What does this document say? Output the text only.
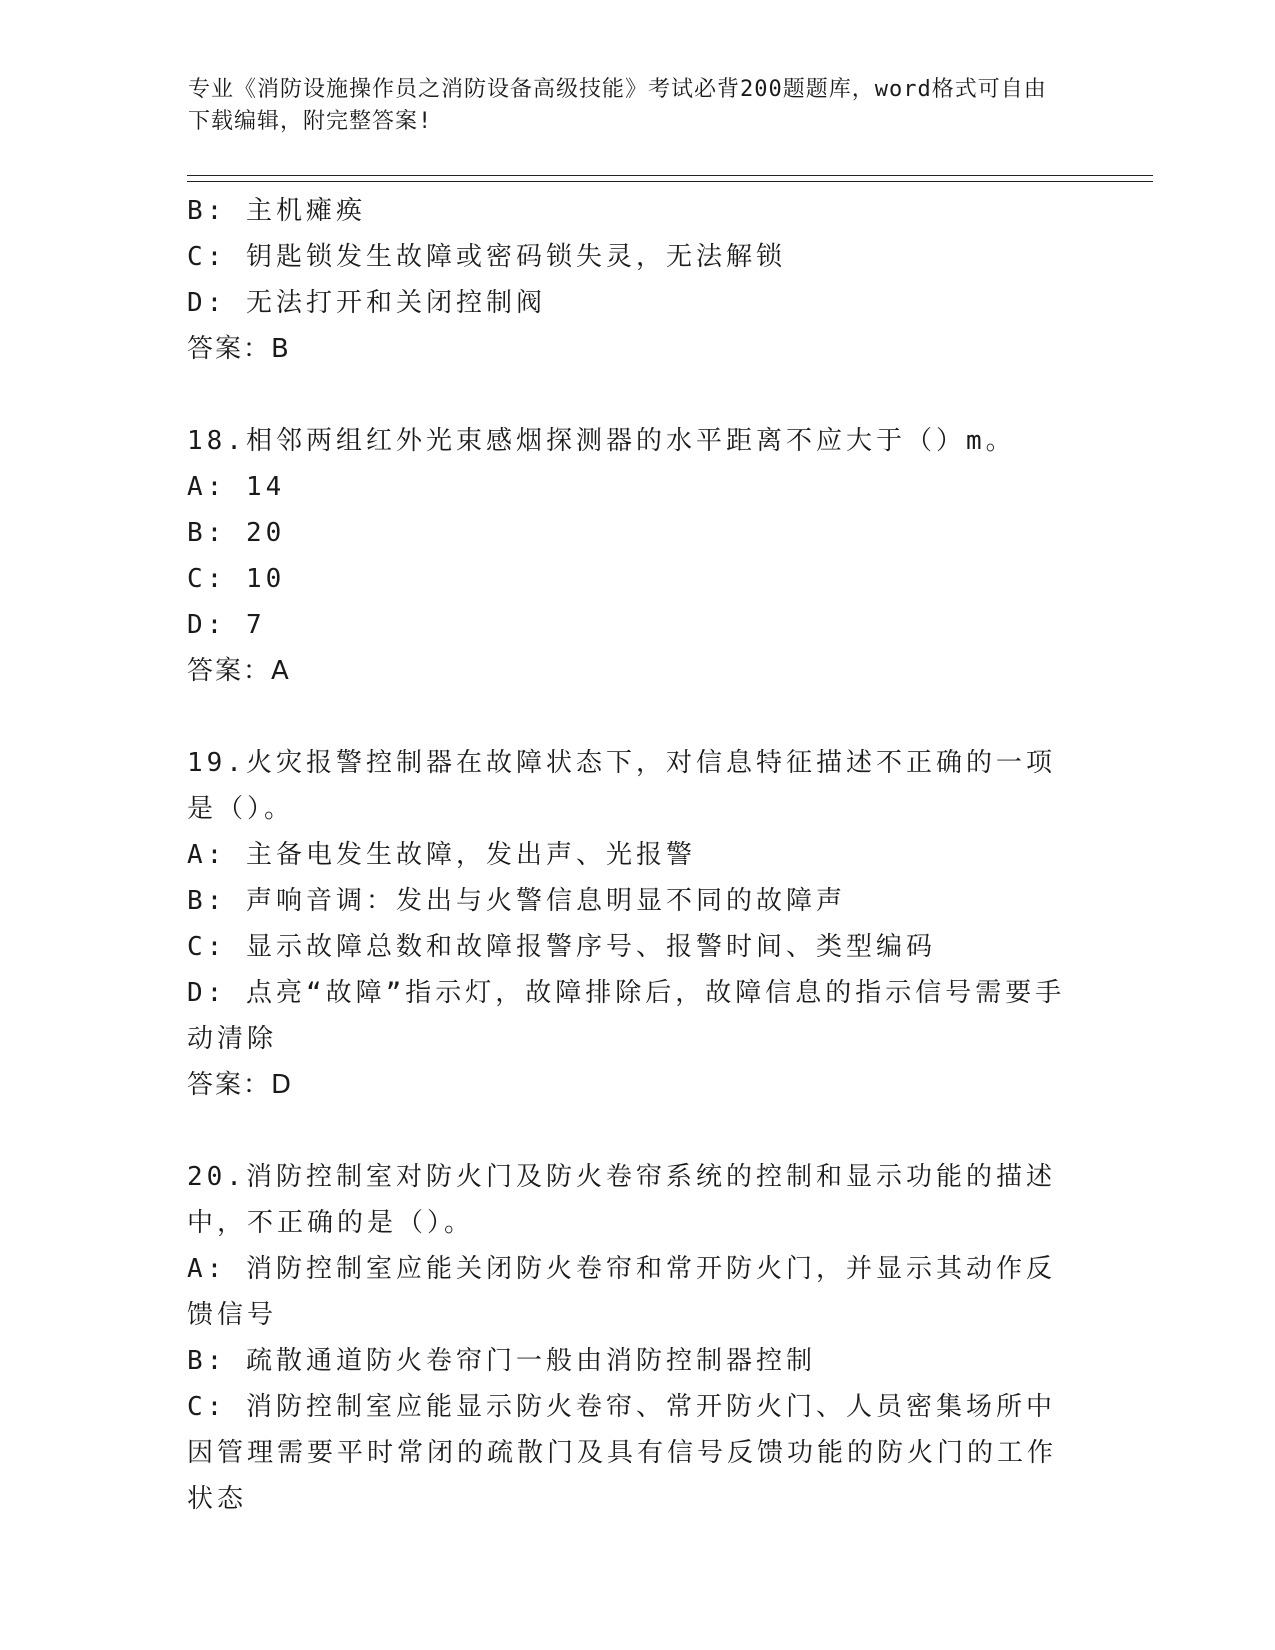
专业《消防设施操作员之消防设备高级技能》考试必背200题题库，word格式可自由下载编辑，附完整答案!
B: 主机瘫痪
C: 钥匙锁发生故障或密码锁失灵，无法解锁
D: 无法打开和关闭控制阀
答案：B
18.相邻两组红外光束感烟探测器的水平距离不应大于（）m。
A: 14
B: 20
C: 10
D: 7
答案：A
19.火灾报警控制器在故障状态下，对信息特征描述不正确的一项是（）。
A: 主备电发生故障，发出声、光报警
B: 声响音调：发出与火警信息明显不同的故障声
C: 显示故障总数和故障报警序号、报警时间、类型编码
D: 点亮“故障”指示灯，故障排除后，故障信息的指示信号需要手动清除
答案：D
20.消防控制室对防火门及防火卷帘系统的控制和显示功能的描述中，不正确的是（）。
A: 消防控制室应能关闭防火卷帘和常开防火门，并显示其动作反馈信号
B: 疏散通道防火卷帘门一般由消防控制器控制
C: 消防控制室应能显示防火卷帘、常开防火门、人员密集场所中因管理需要平时常闭的疏散门及具有信号反馈功能的防火门的工作状态
